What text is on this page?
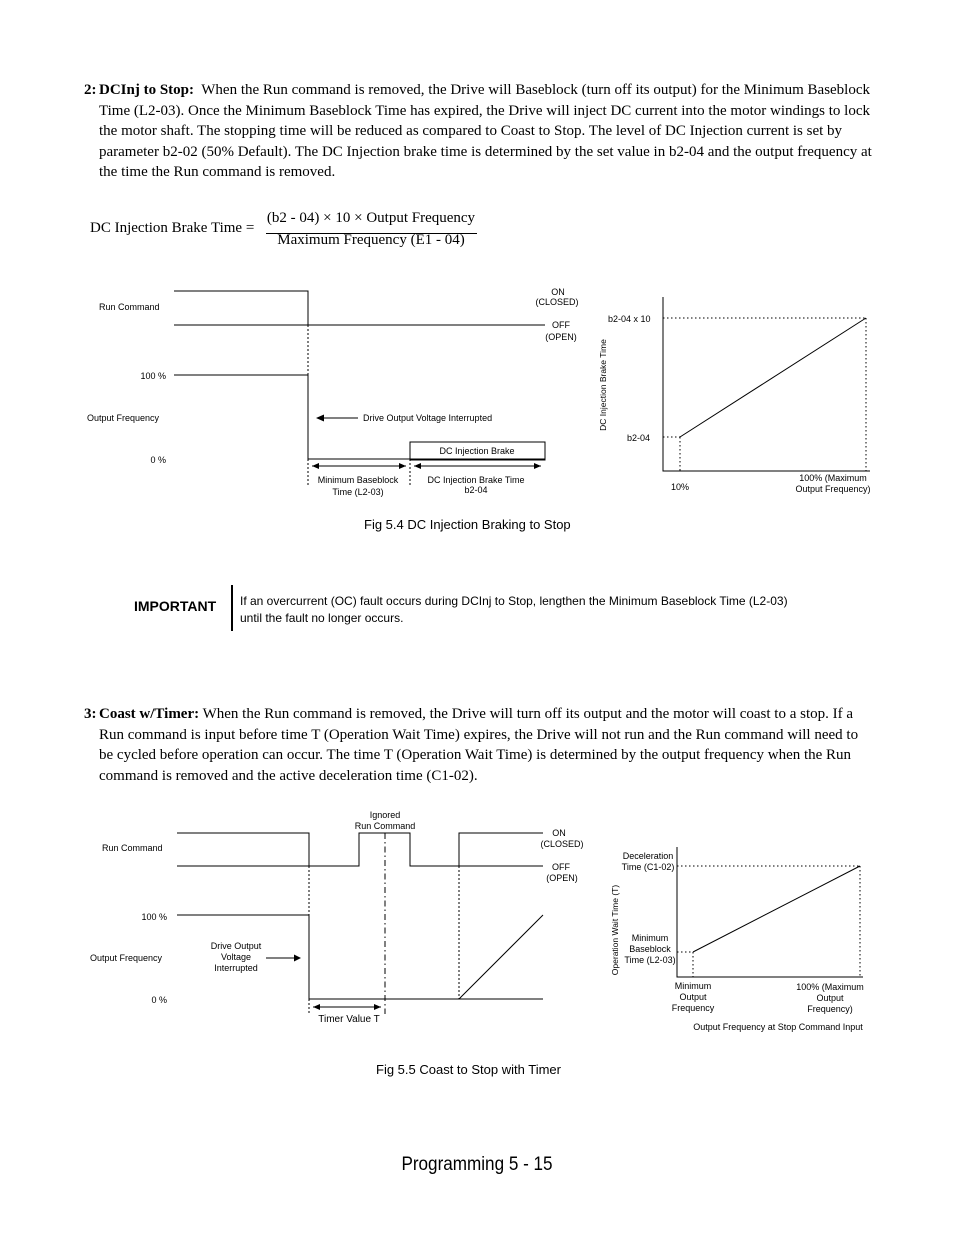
2: DCInj to Stop: When the Run command is removed, the Drive will Baseblock (turn off its output) for the Minimum Baseblock Time (L2-03). Once the Minimum Baseblock Time has expired, the Drive will inject DC current into the motor windings to lock the motor shaft. The stopping time will be reduced as compared to Coast to Stop. The level of DC Injection current is set by parameter b2-02 (50% Default). The DC Injection brake time is determined by the set value in b2-04 and the output frequency at the time the Run command is removed.
DC Injection Brake Time =
(b2 - 04) × 10 × Output Frequency
Maximum Frequency (E1 - 04)
Run Command
ON
(CLOSED)
OFF
(OPEN)
100 %
Output Frequency
0 %
Drive Output Voltage Interrupted
DC Injection Brake
Minimum Baseblock
Time (L2-03)
DC Injection Brake Time
b2-04
DC Injection Brake Time
b2-04 x 10
b2-04
10%
100% (Maximum
Output Frequency)
Fig 5.4 DC Injection Braking to Stop
IMPORTANT If an overcurrent (OC) fault occurs during DCInj to Stop, lengthen the Minimum Baseblock Time (L2-03)
until the fault no longer occurs.
3: Coast w/Timer: When the Run command is removed, the Drive will turn off its output and the motor will coast to a stop. If a Run command is input before time T (Operation Wait Time) expires, the Drive will not run and the Run command will need to be cycled before operation can occur. The time T (Operation Wait Time) is determined by the output frequency when the Run command is removed and the active deceleration time (C1-02).
Ignored
Run Command
Run Command
ON
(CLOSED)
OFF
(OPEN)
100 %
Output Frequency
0 %
Drive Output
Voltage
Interrupted
Timer Value T
Operation Wait Time (T)
Deceleration
Time (C1-02)
Minimum
Baseblock
Time (L2-03)
Minimum
Output
Frequency
100% (Maximum
Output
Frequency)
Output Frequency at Stop Command Input
Fig 5.5 Coast to Stop with Timer
Programming 5 - 15
